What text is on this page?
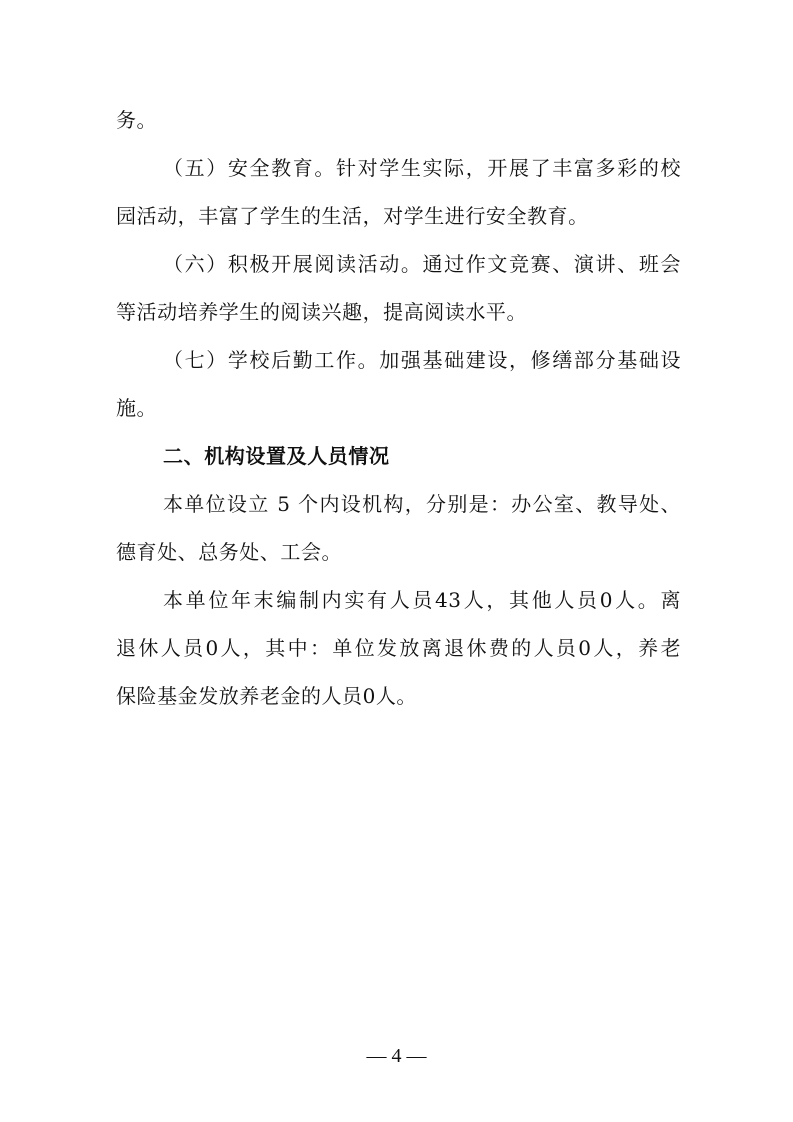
务。
（五）安全教育。针对学生实际，开展了丰富多彩的校
园活动，丰富了学生的生活，对学生进行安全教育。
（六）积极开展阅读活动。通过作文竞赛、演讲、班会
等活动培养学生的阅读兴趣，提高阅读水平。
（七）学校后勤工作。加强基础建设，修缮部分基础设
施。
二、机构设置及人员情况
本单位设立 5 个内设机构，分别是：办公室、教导处、
德育处、总务处、工会。
本单位年末编制内实有人员43人，其他人员0人。离
退休人员0人，其中：单位发放离退休费的人员0人，养老
保险基金发放养老金的人员0人。
— 4 —
